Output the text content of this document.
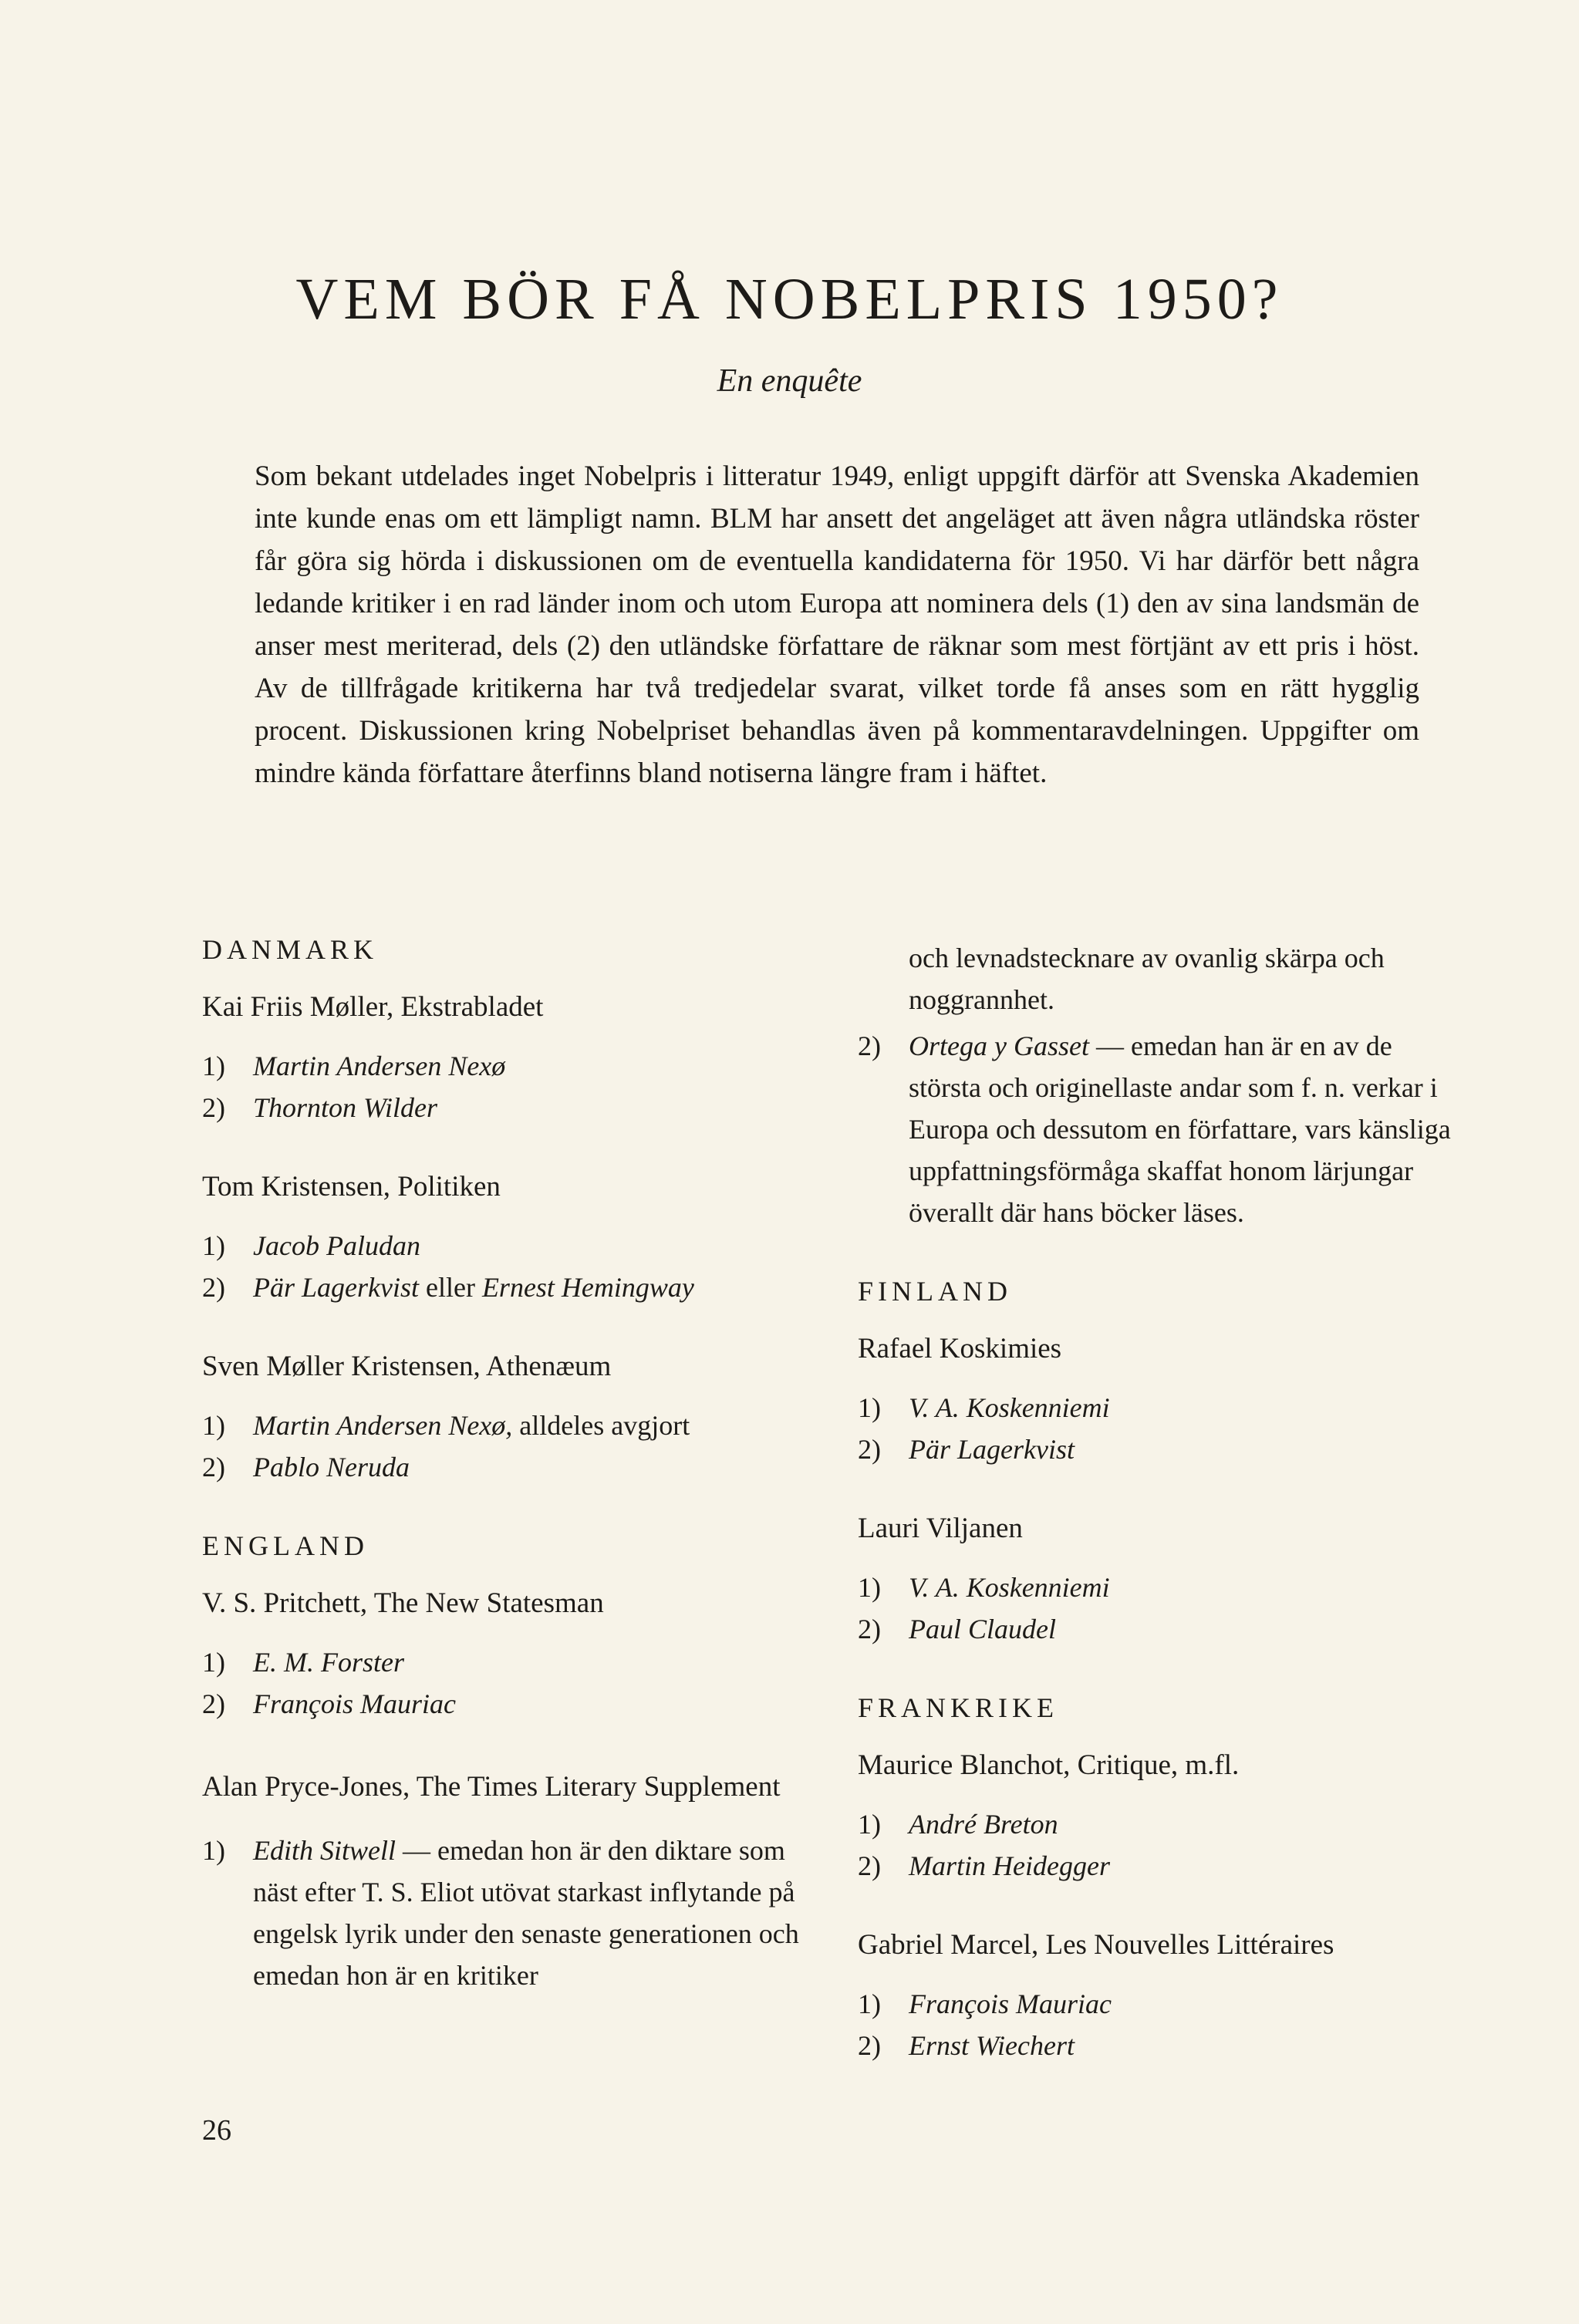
VEM BÖR FÅ NOBELPRIS 1950?

En enquête

Som bekant utdelades inget Nobelpris i litteratur 1949, enligt uppgift därför att Svenska Akademien inte kunde enas om ett lämpligt namn. BLM har ansett det angeläget att även några utländska röster får göra sig hörda i diskussionen om de eventuella kandidaterna för 1950. Vi har därför bett några ledande kritiker i en rad länder inom och utom Europa att nominera dels (1) den av sina landsmän de anser mest meriterad, dels (2) den utländske författare de räknar som mest förtjänt av ett pris i höst. Av de tillfrågade kritikerna har två tredjedelar svarat, vilket torde få anses som en rätt hygglig procent. Diskussionen kring Nobelpriset behandlas även på kommentaravdelningen. Uppgifter om mindre kända författare återfinns bland notiserna längre fram i häftet.

DANMARK
Kai Friis Møller, Ekstrabladet
1) Martin Andersen Nexø
2) Thornton Wilder
Tom Kristensen, Politiken
1) Jacob Paludan
2) Pär Lagerkvist eller Ernest Hemingway
Sven Møller Kristensen, Athenæum
1) Martin Andersen Nexø, alldeles avgjort
2) Pablo Neruda
ENGLAND
V. S. Pritchett, The New Statesman
1) E. M. Forster
2) François Mauriac
Alan Pryce-Jones, The Times Literary Supplement
1) Edith Sitwell — emedan hon är den diktare som näst efter T. S. Eliot utövat starkast inflytande på engelsk lyrik under den senaste generationen och emedan hon är en kritiker

och levnadstecknare av ovanlig skärpa och noggrannhet.

2) Ortega y Gasset — emedan han är en av de största och originellaste andar som f. n. verkar i Europa och dessutom en författare, vars känsliga uppfattningsförmåga skaffat honom lärjungar överallt där hans böcker läses.
FINLAND
Rafael Koskimies
1) V. A. Koskenniemi
2) Pär Lagerkvist
Lauri Viljanen
1) V. A. Koskenniemi
2) Paul Claudel
FRANKRIKE
Maurice Blanchot, Critique, m.fl.
1) André Breton
2) Martin Heidegger
Gabriel Marcel, Les Nouvelles Littéraires
1) François Mauriac
2) Ernst Wiechert
26
